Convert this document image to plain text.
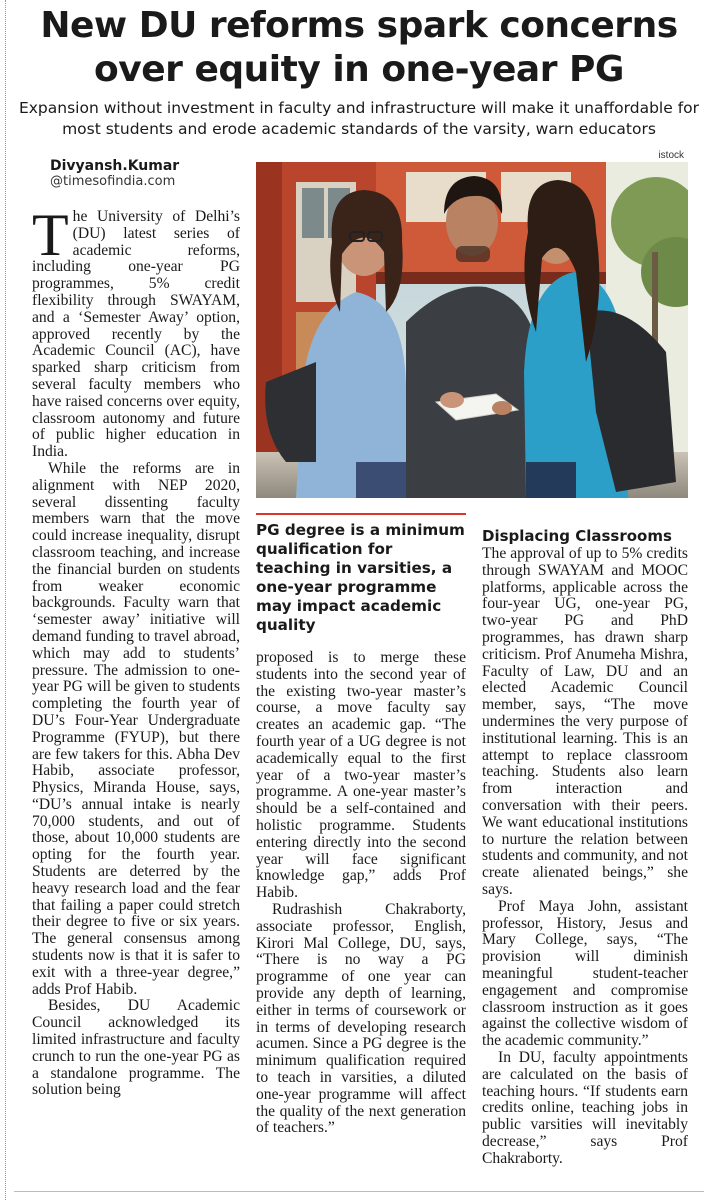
New DU reforms spark concerns over equity in one-year PG

Expansion without investment in faculty and infrastructure will make it unaffordable for most students and erode academic standards of the varsity, warn educators

Divyansh.Kumar
@timesofindia.com
istock

The University of Delhi’s (DU) latest series of academic reforms, including one-year PG programmes, 5% credit flexibility through SWAYAM, and a ‘Semester Away’ option, approved recently by the Academic Council (AC), have sparked sharp criticism from several faculty members who have raised concerns over equity, classroom autonomy and future of public higher education in India.

While the reforms are in alignment with NEP 2020, several dissenting faculty members warn that the move could increase inequality, disrupt classroom teaching, and increase the financial burden on students from weaker economic backgrounds. Faculty warn that ‘semester away’ initiative will demand funding to travel abroad, which may add to students’ pressure. The admission to one-year PG will be given to students completing the fourth year of DU’s Four-Year Undergraduate Programme (FYUP), but there are few takers for this. Abha Dev Habib, associate professor, Physics, Miranda House, says, “DU’s annual intake is nearly 70,000 students, and out of those, about 10,000 students are opting for the fourth year. Students are deterred by the heavy research load and the fear that failing a paper could stretch their degree to five or six years. The general consensus among students now is that it is safer to exit with a three-year degree,” adds Prof Habib.

Besides, DU Academic Council acknowledged its limited infrastructure and faculty crunch to run the one-year PG as a standalone programme. The solution being

PG degree is a minimum qualification for teaching in varsities, a one-year programme may impact academic quality

proposed is to merge these students into the second year of the existing two-year master’s course, a move faculty say creates an academic gap. “The fourth year of a UG degree is not academically equal to the first year of a two-year master’s programme. A one-year master’s should be a self-contained and holistic programme. Students entering directly into the second year will face significant knowledge gap,” adds Prof Habib.

Rudrashish Chakraborty, associate professor, English, Kirori Mal College, DU, says, “There is no way a PG programme of one year can provide any depth of learning, either in terms of coursework or in terms of developing research acumen. Since a PG degree is the minimum qualification required to teach in varsities, a diluted one-year programme will affect the quality of the next generation of teachers.”

Displacing Classrooms

The approval of up to 5% credits through SWAYAM and MOOC platforms, applicable across the four-year UG, one-year PG, two-year PG and PhD programmes, has drawn sharp criticism. Prof Anumeha Mishra, Faculty of Law, DU and an elected Academic Council member, says, “The move undermines the very purpose of institutional learning. This is an attempt to replace classroom teaching. Students also learn from interaction and conversation with their peers. We want educational institutions to nurture the relation between students and community, and not create alienated beings,” she says.

Prof Maya John, assistant professor, History, Jesus and Mary College, says, “The provision will diminish meaningful student-teacher engagement and compromise classroom instruction as it goes against the collective wisdom of the academic community.”

In DU, faculty appointments are calculated on the basis of teaching hours. “If students earn credits online, teaching jobs in public varsities will inevitably decrease,” says Prof Chakraborty.
